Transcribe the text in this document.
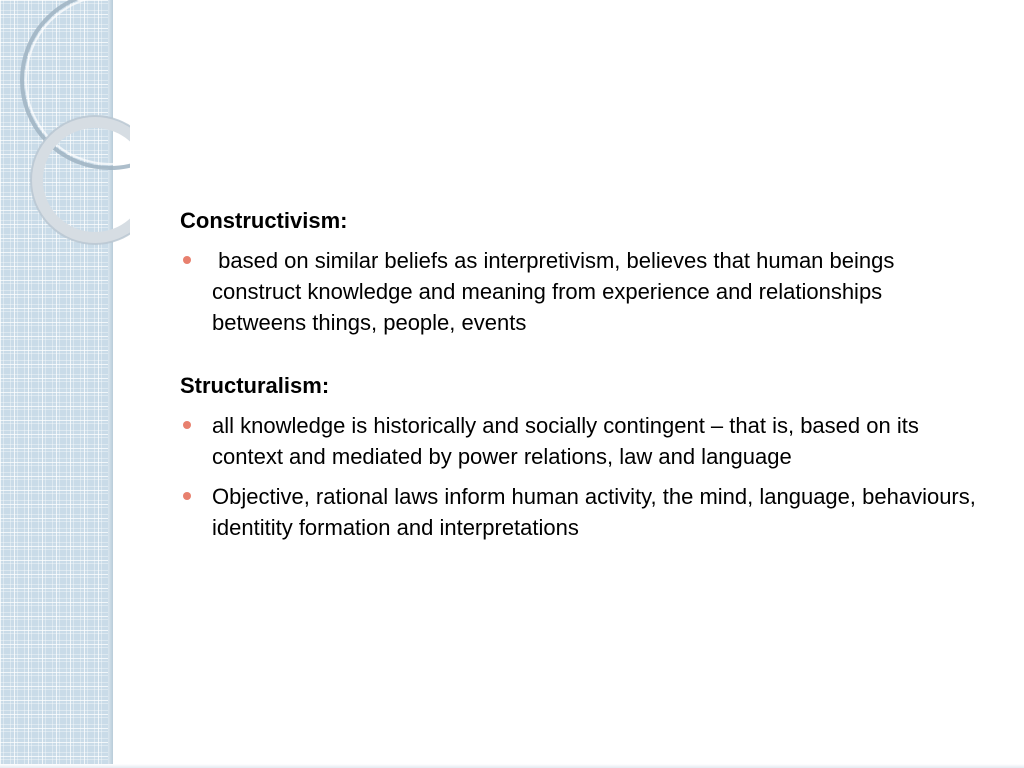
Constructivism:
based on similar beliefs as interpretivism, believes that human beings construct knowledge and meaning from experience and relationships betweens things, people, events
Structuralism:
all knowledge is historically and socially contingent – that is, based on its context and mediated by power relations, law and language
Objective, rational laws inform human activity, the mind, language, behaviours, identitity formation and interpretations
